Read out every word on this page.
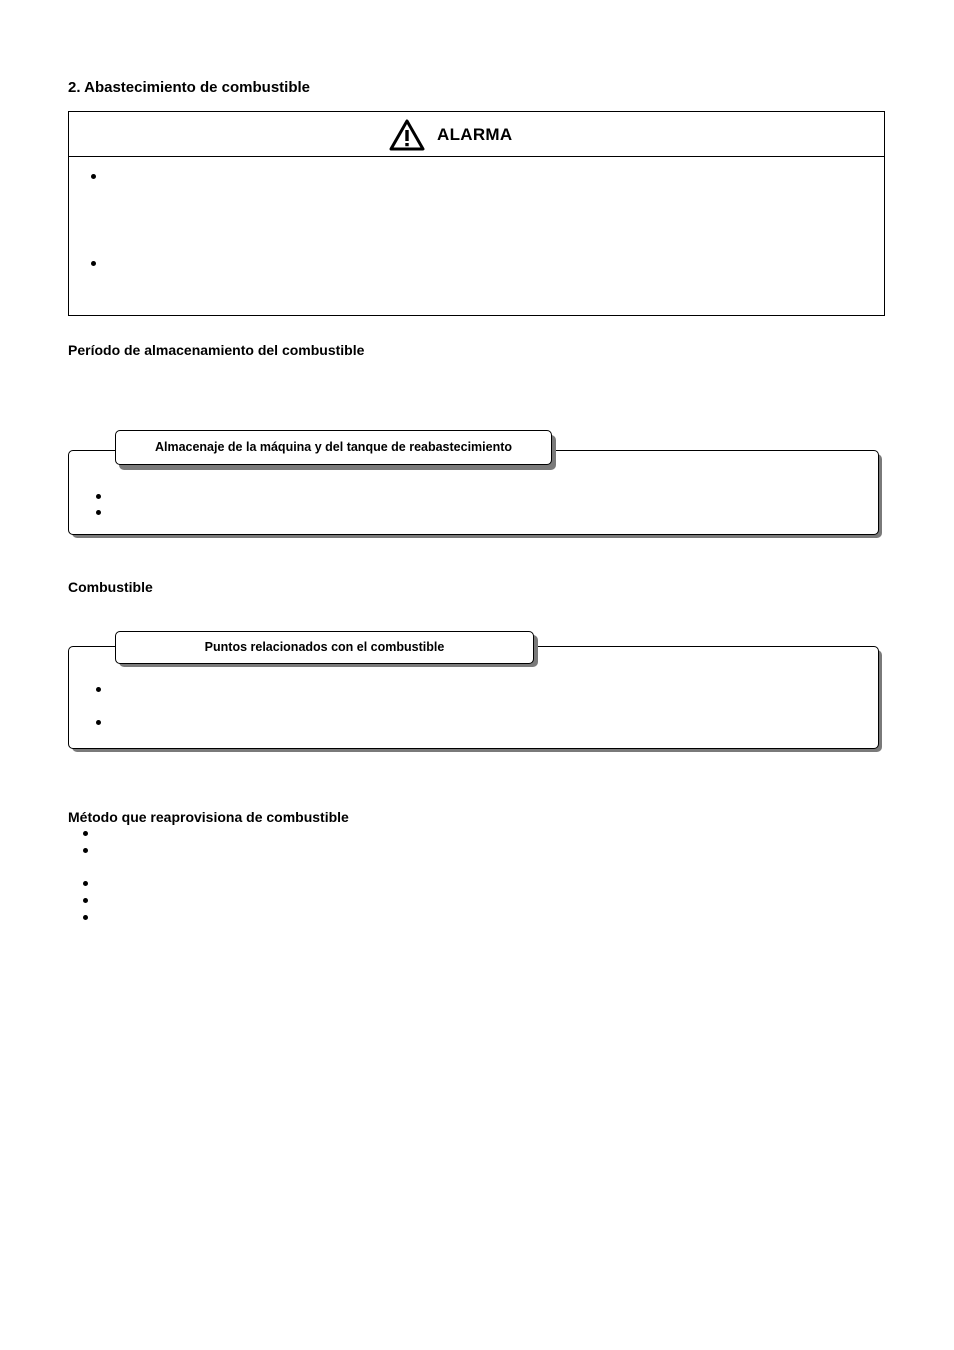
2. Abastecimiento de combustible
ALARMA
Período de almacenamiento del combustible
Almacenaje de la máquina y del tanque de reabastecimiento
Combustible
Puntos relacionados con el combustible
Método que reaprovisiona de combustible
